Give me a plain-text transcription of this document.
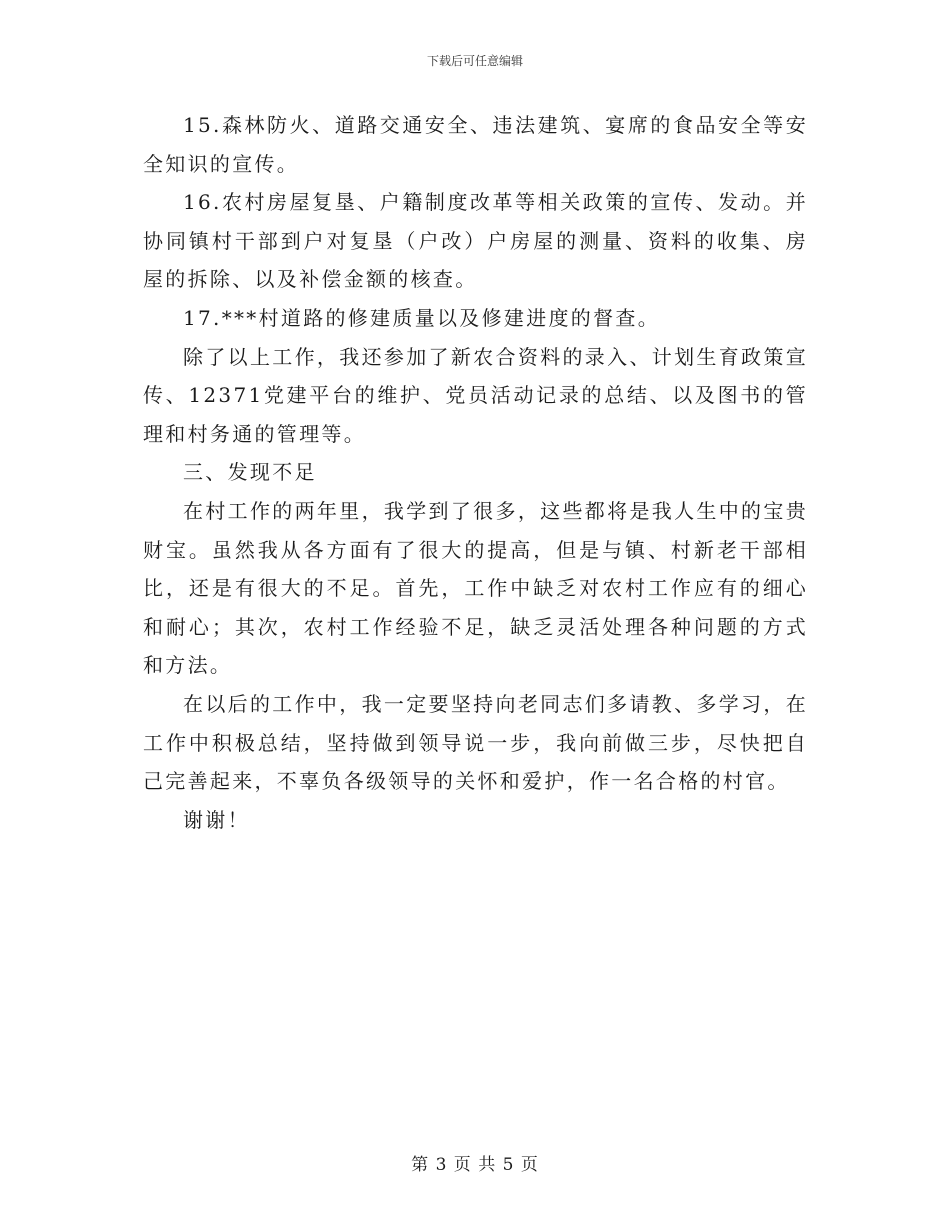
下载后可任意编辑

15.森林防火、道路交通安全、违法建筑、宴席的食品安全等安全知识的宣传。

16.农村房屋复垦、户籍制度改革等相关政策的宣传、发动。并协同镇村干部到户对复垦（户改）户房屋的测量、资料的收集、房屋的拆除、以及补偿金额的核查。

17.***村道路的修建质量以及修建进度的督查。

除了以上工作，我还参加了新农合资料的录入、计划生育政策宣传、12371党建平台的维护、党员活动记录的总结、以及图书的管理和村务通的管理等。

三、发现不足

在村工作的两年里，我学到了很多，这些都将是我人生中的宝贵财宝。虽然我从各方面有了很大的提高，但是与镇、村新老干部相比，还是有很大的不足。首先，工作中缺乏对农村工作应有的细心和耐心；其次，农村工作经验不足，缺乏灵活处理各种问题的方式和方法。

在以后的工作中，我一定要坚持向老同志们多请教、多学习，在工作中积极总结，坚持做到领导说一步，我向前做三步，尽快把自己完善起来，不辜负各级领导的关怀和爱护，作一名合格的村官。

谢谢！

第 3 页 共 5 页
